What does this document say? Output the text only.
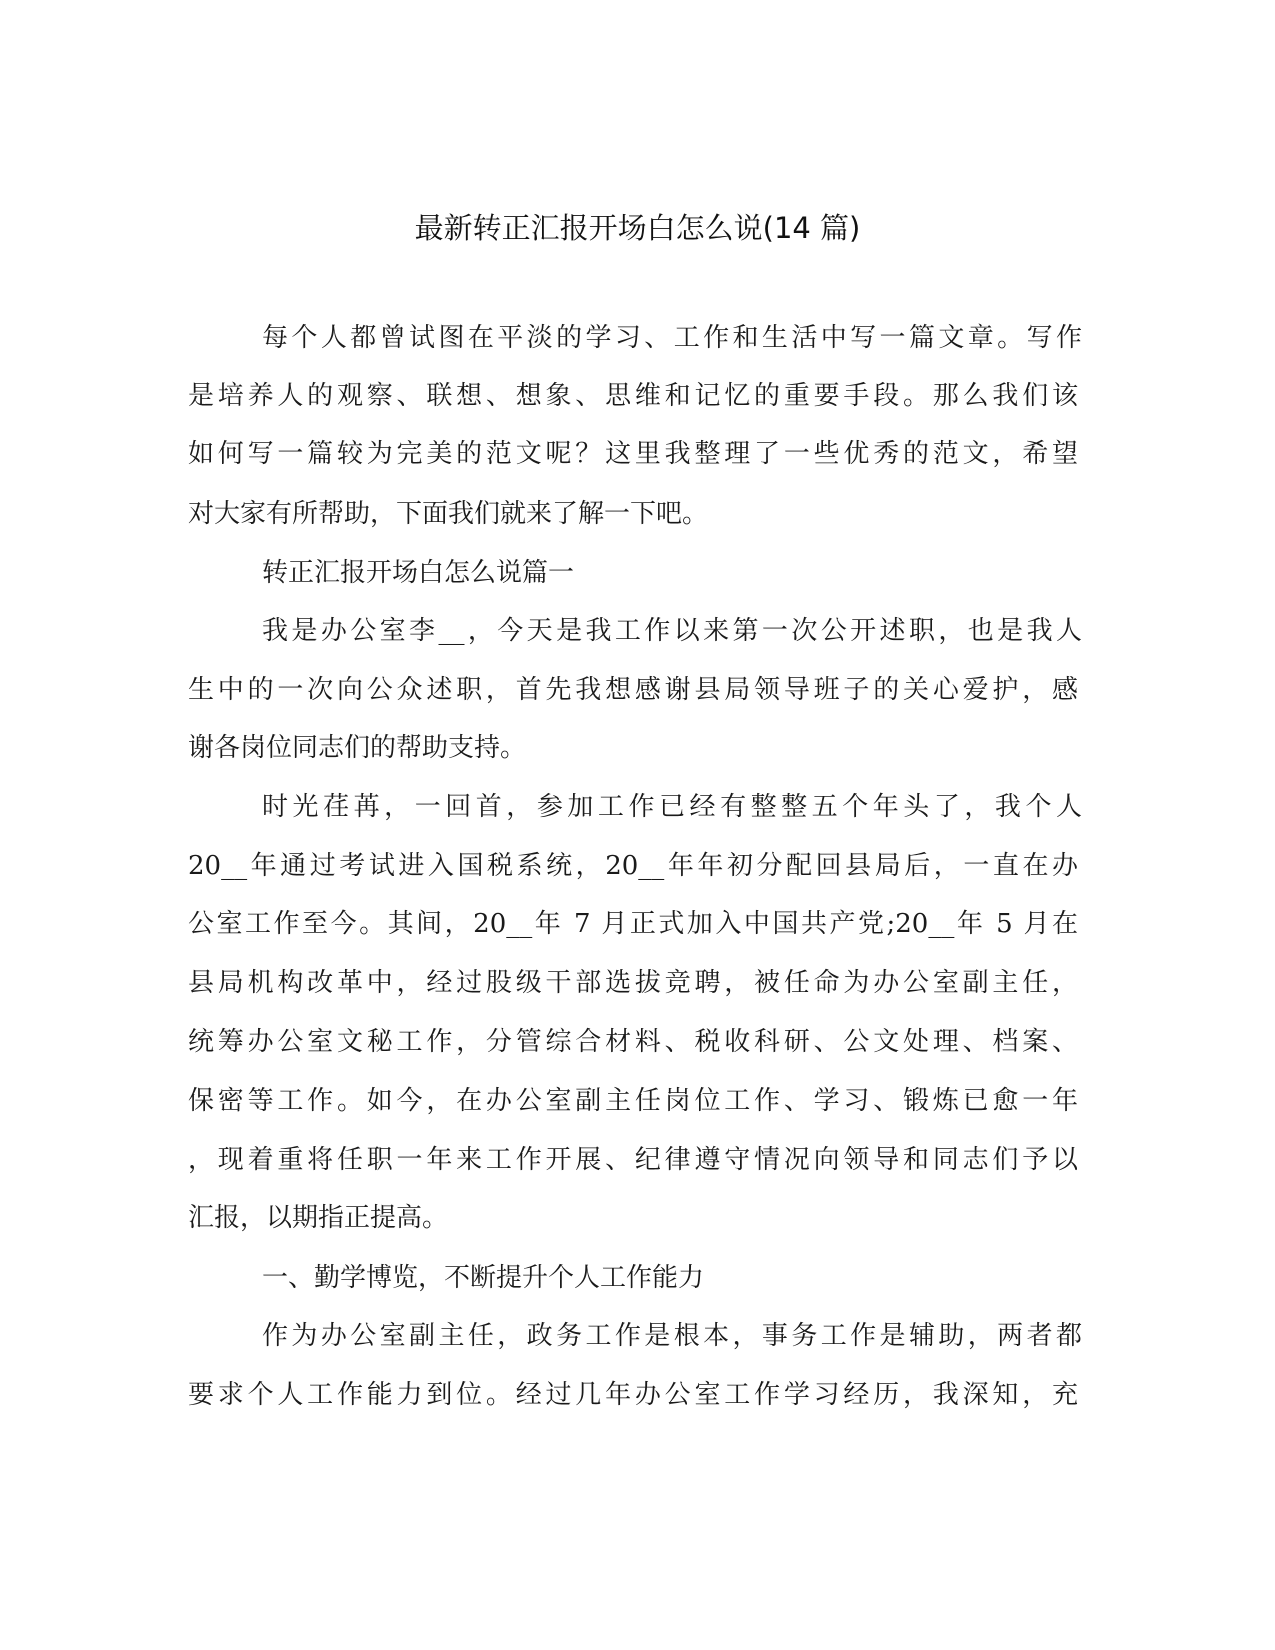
最新转正汇报开场白怎么说(14 篇)
每个人都曾试图在平淡的学习、工作和生活中写一篇文章。写作
是培养人的观察、联想、想象、思维和记忆的重要手段。那么我们该
如何写一篇较为完美的范文呢？这里我整理了一些优秀的范文，希望
对大家有所帮助，下面我们就来了解一下吧。
转正汇报开场白怎么说篇一
我是办公室李__，今天是我工作以来第一次公开述职，也是我人
生中的一次向公众述职，首先我想感谢县局领导班子的关心爱护，感
谢各岗位同志们的帮助支持。
时光荏苒，一回首，参加工作已经有整整五个年头了，我个人
20__年通过考试进入国税系统，20__年年初分配回县局后，一直在办
公室工作至今。其间，20__年 7 月正式加入中国共产党;20__年 5 月在
县局机构改革中，经过股级干部选拔竞聘，被任命为办公室副主任，
统筹办公室文秘工作，分管综合材料、税收科研、公文处理、档案、
保密等工作。如今，在办公室副主任岗位工作、学习、锻炼已愈一年
，现着重将任职一年来工作开展、纪律遵守情况向领导和同志们予以
汇报，以期指正提高。
一、勤学博览，不断提升个人工作能力
作为办公室副主任，政务工作是根本，事务工作是辅助，两者都
要求个人工作能力到位。经过几年办公室工作学习经历，我深知，充
